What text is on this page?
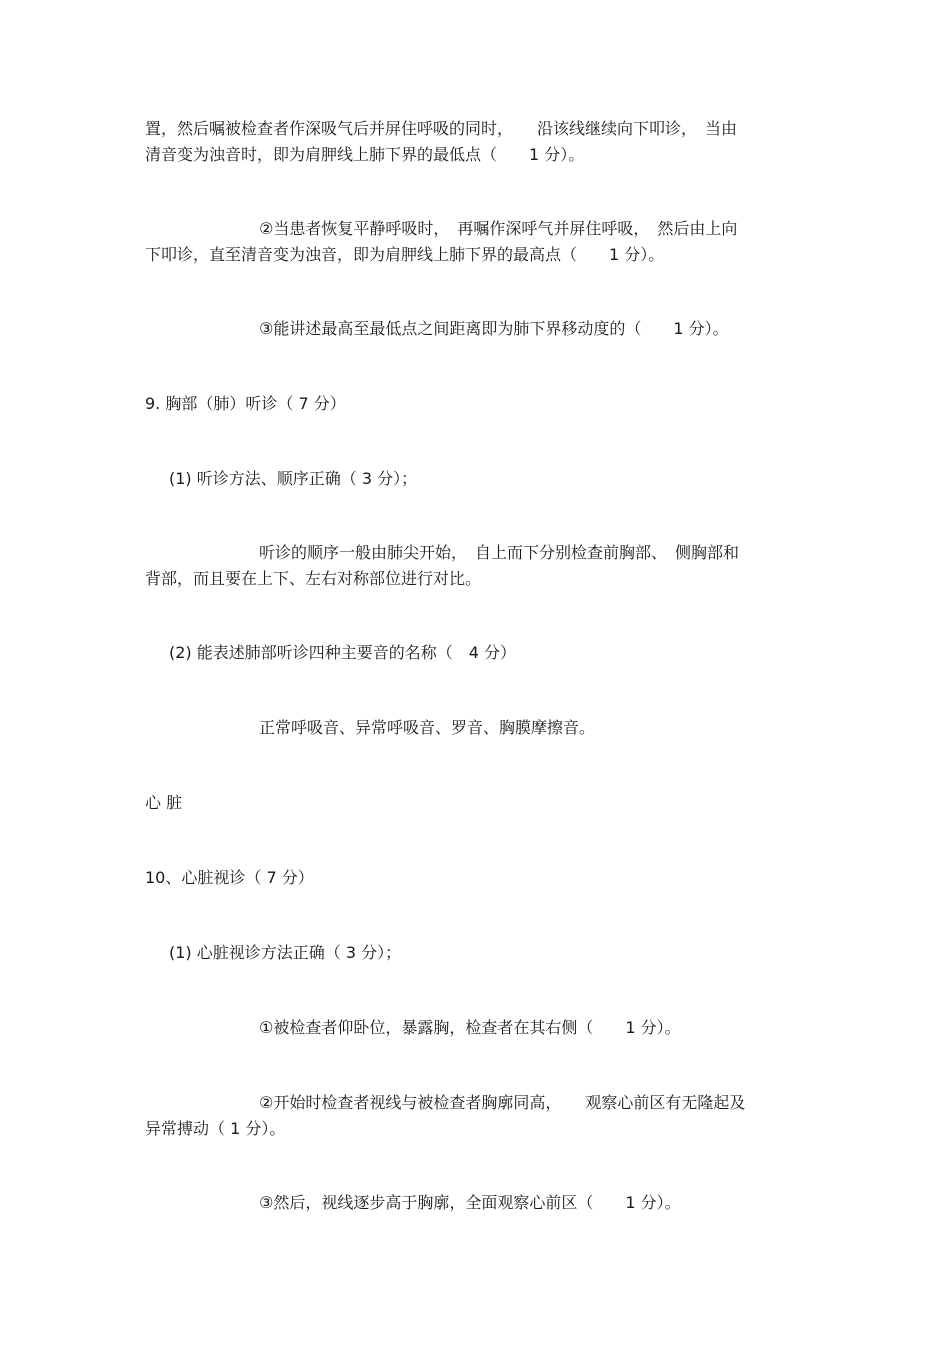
置，然后嘱被检查者作深吸气后并屏住呼吸的同时，　　沿该线继续向下叩诊，　当由
清音变为浊音时，即为肩胛线上肺下界的最低点（　　1 分）。

②当患者恢复平静呼吸时，　再嘱作深呼气并屏住呼吸，　然后由上向
下叩诊，直至清音变为浊音，即为肩胛线上肺下界的最高点（　　1 分）。

③能讲述最高至最低点之间距离即为肺下界移动度的（　　1 分）。

9. 胸部（肺）听诊（ 7 分）

(1) 听诊方法、顺序正确（ 3 分）；

听诊的顺序一般由肺尖开始，　自上而下分别检查前胸部、　侧胸部和
背部，而且要在上下、左右对称部位进行对比。

(2) 能表述肺部听诊四种主要音的名称（　4 分）

正常呼吸音、异常呼吸音、罗音、胸膜摩擦音。

心 脏

10、心脏视诊（ 7 分）

(1) 心脏视诊方法正确（ 3 分）；

①被检查者仰卧位，暴露胸，检查者在其右侧（　　1 分）。

②开始时检查者视线与被检查者胸廓同高，　　观察心前区有无隆起及
异常搏动（ 1 分）。

③然后，视线逐步高于胸廓，全面观察心前区（　　1 分）。
